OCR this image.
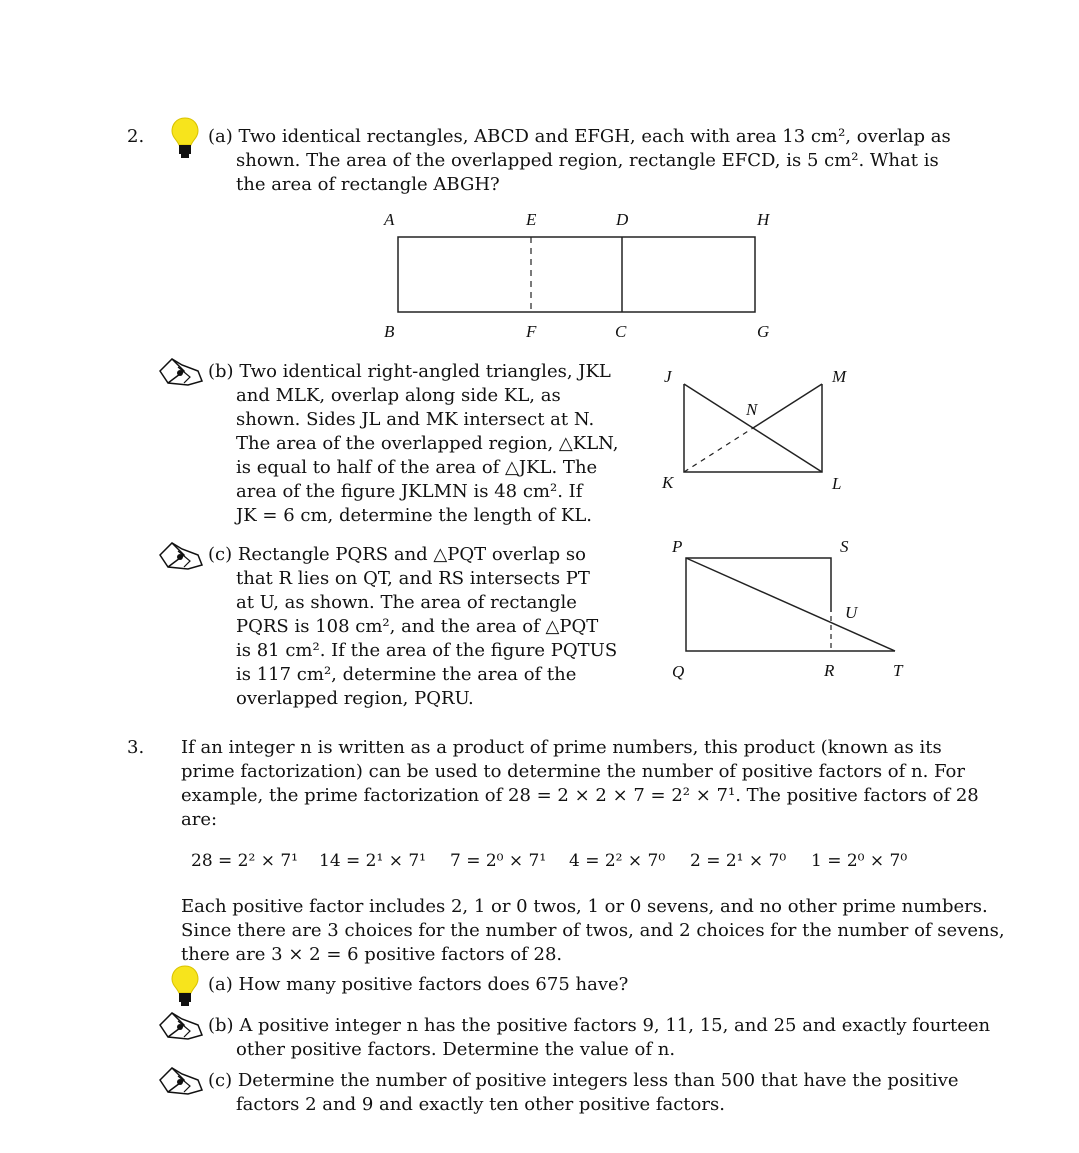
2.	(a) Two identical rectangles, ABCD and EFGH, each with area 13 cm², overlap as
shown. The area of the overlapped region, rectangle EFCD, is 5 cm². What is
the area of rectangle ABGH?
A	E	D	H
B	F	C	G
(b) Two identical right-angled triangles, JKL
and MLK, overlap along side KL, as
shown. Sides JL and MK intersect at N.
The area of the overlapped region, △KLN,
is equal to half of the area of △JKL. The
area of the figure JKLMN is 48 cm². If
JK = 6 cm, determine the length of KL.
J	M
N
K	L
(c) Rectangle PQRS and △PQT overlap so
that R lies on QT, and RS intersects PT
at U, as shown. The area of rectangle
PQRS is 108 cm², and the area of △PQT
is 81 cm². If the area of the figure PQTUS
is 117 cm², determine the area of the
overlapped region, PQRU.
P	S
U
Q	R	T
3. If an integer n is written as a product of prime numbers, this product (known as its
prime factorization) can be used to determine the number of positive factors of n. For
example, the prime factorization of 28 = 2 × 2 × 7 = 2² × 7¹. The positive factors of 28
are:
28 = 2² × 7¹ 14 = 2¹ × 7¹ 7 = 2⁰ × 7¹ 4 = 2² × 7⁰ 2 = 2¹ × 7⁰ 1 = 2⁰ × 7⁰
Each positive factor includes 2, 1 or 0 twos, 1 or 0 sevens, and no other prime numbers.
Since there are 3 choices for the number of twos, and 2 choices for the number of sevens,
there are 3 × 2 = 6 positive factors of 28.
(a) How many positive factors does 675 have?
(b) A positive integer n has the positive factors 9, 11, 15, and 25 and exactly fourteen
other positive factors. Determine the value of n.
(c) Determine the number of positive integers less than 500 that have the positive
factors 2 and 9 and exactly ten other positive factors.
